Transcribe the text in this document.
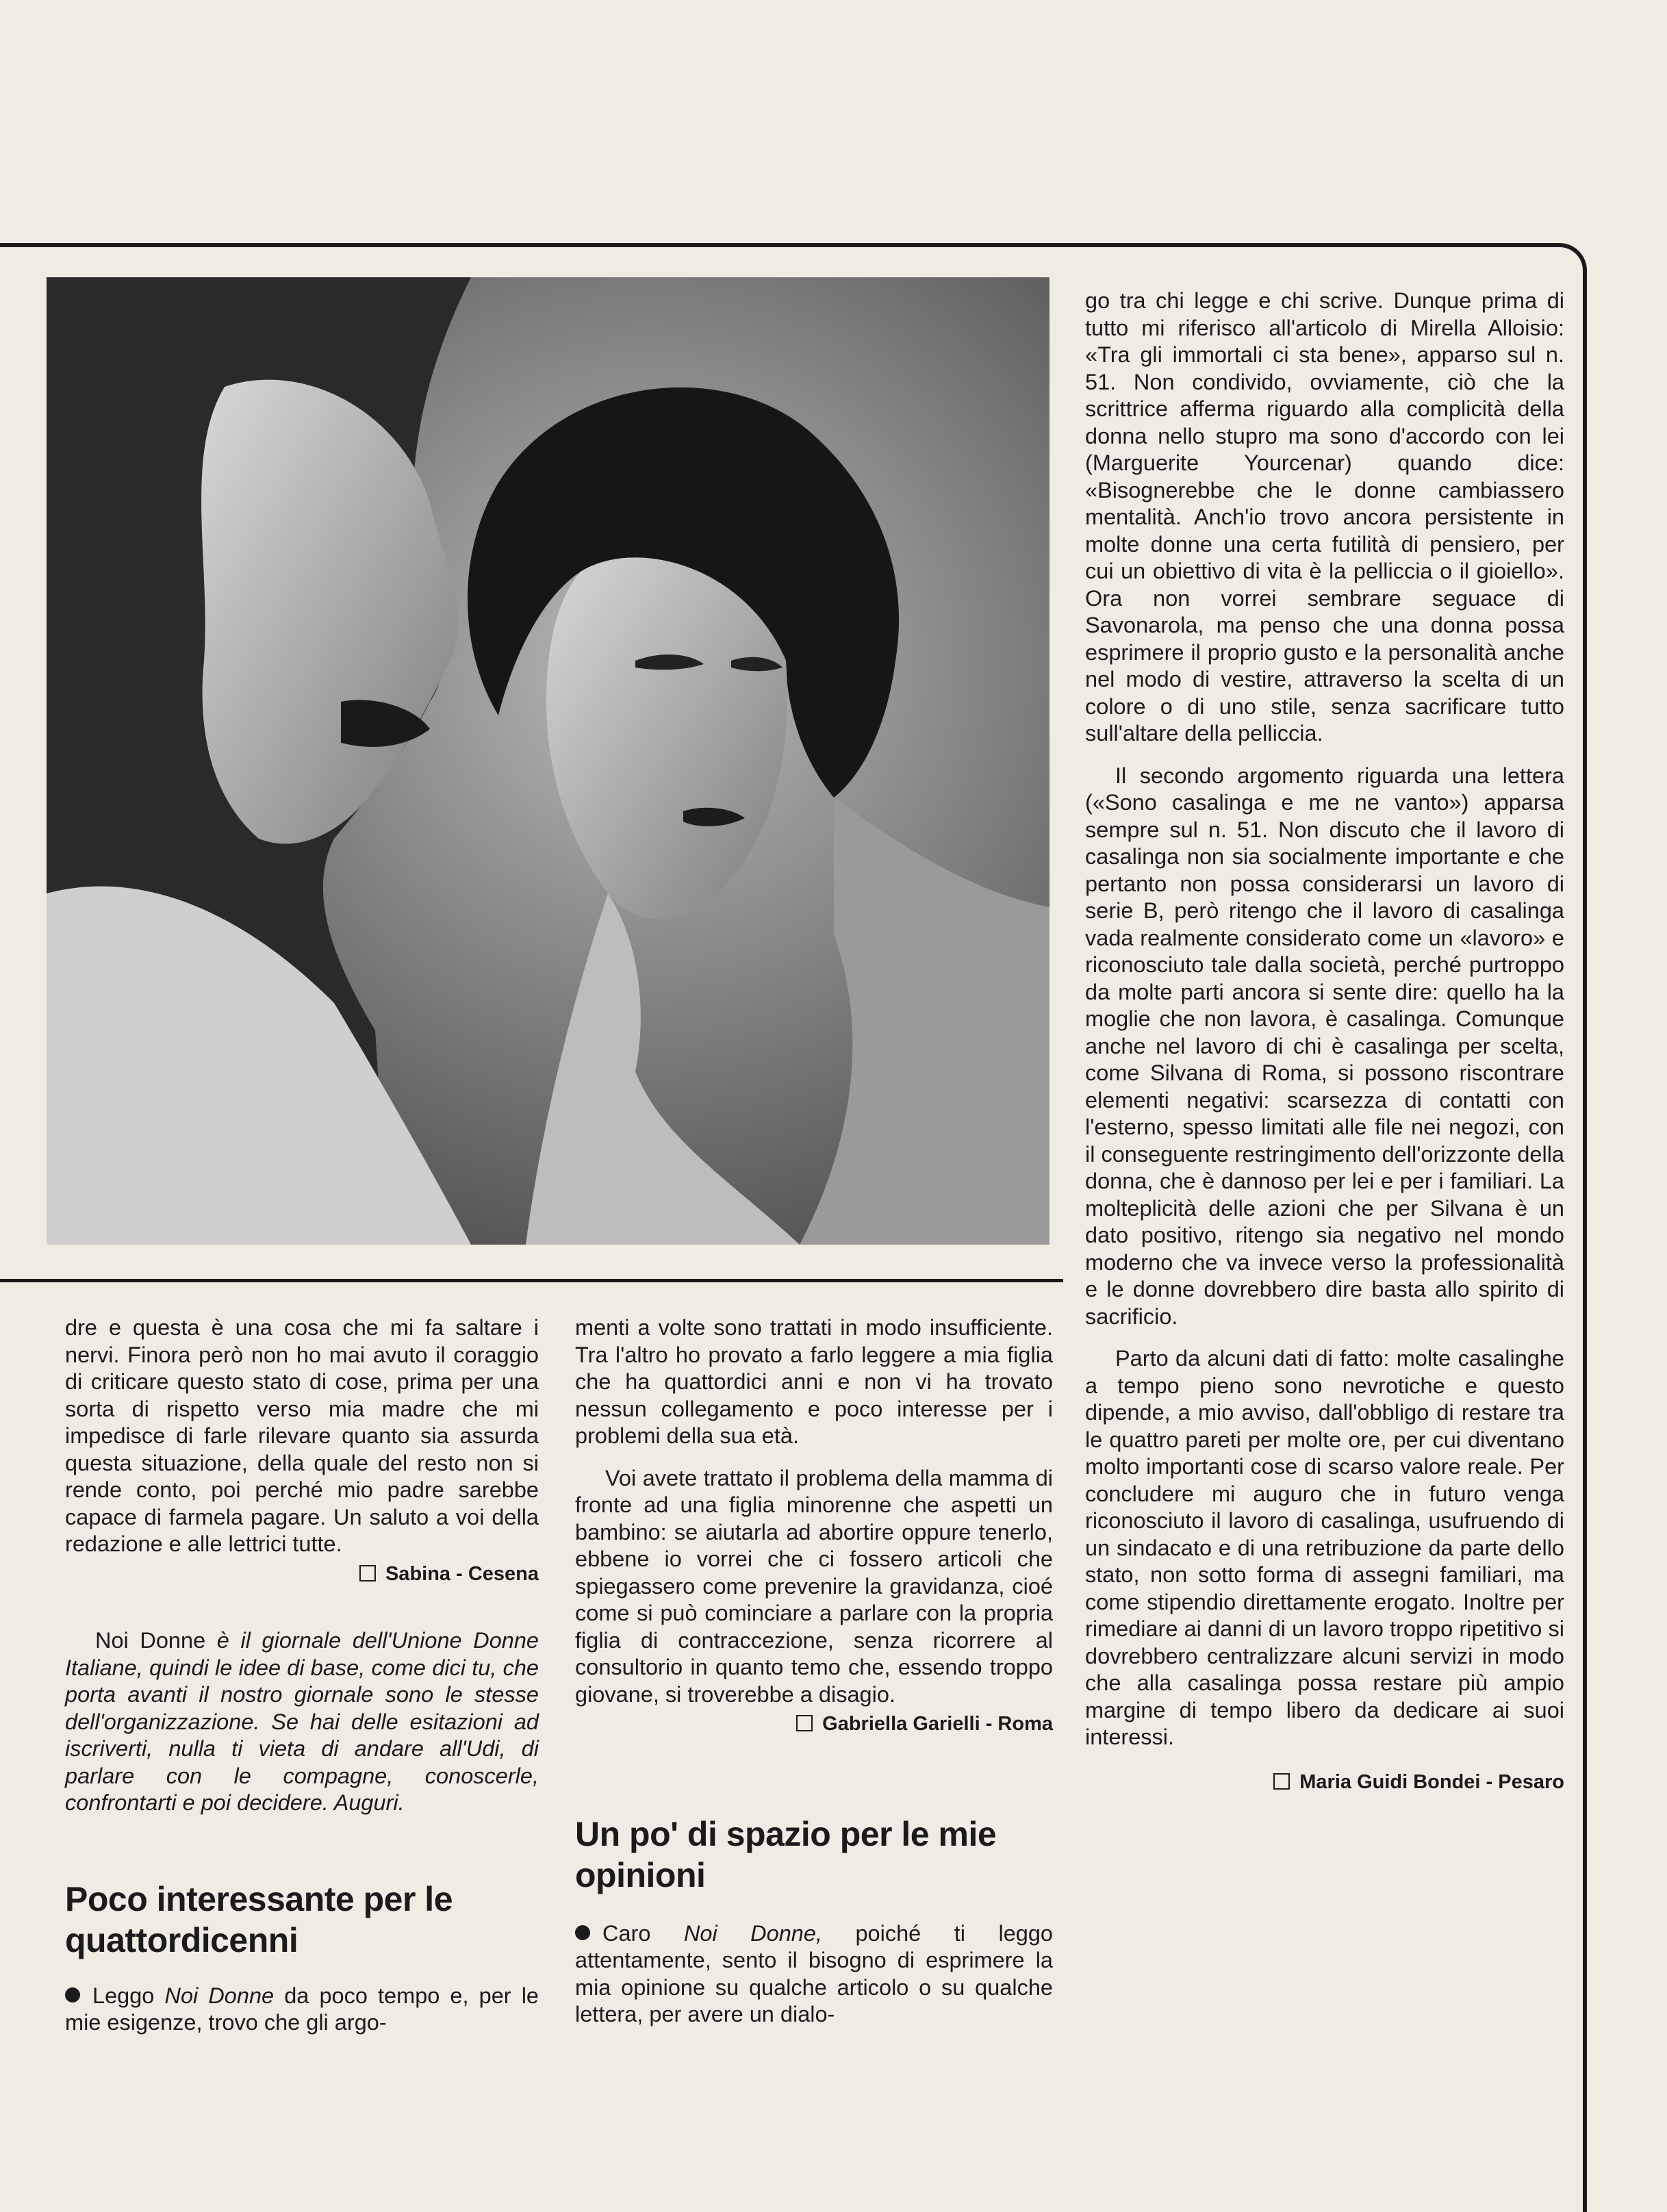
dre e questa è una cosa che mi fa saltare i nervi. Finora però non ho mai avuto il coraggio di criticare questo stato di cose, prima per una sorta di rispetto verso mia madre che mi impedisce di farle rilevare quanto sia assurda questa situazione, della quale del resto non si rende conto, poi perché mio padre sarebbe capace di farmela pagare. Un saluto a voi della redazione e alle lettrici tutte.

Sabina - Cesena

Noi Donne è il giornale dell'Unione Donne Italiane, quindi le idee di base, come dici tu, che porta avanti il nostro giornale sono le stesse dell'organizzazione. Se hai delle esitazioni ad iscriverti, nulla ti vieta di andare all'Udi, di parlare con le compagne, conoscerle, confrontarti e poi decidere. Auguri.

Poco interessante per le quattordicenni

Leggo Noi Donne da poco tempo e, per le mie esigenze, trovo che gli argo-

menti a volte sono trattati in modo insufficiente. Tra l'altro ho provato a farlo leggere a mia figlia che ha quattordici anni e non vi ha trovato nessun collegamento e poco interesse per i problemi della sua età.

Voi avete trattato il problema della mamma di fronte ad una figlia minorenne che aspetti un bambino: se aiutarla ad abortire oppure tenerlo, ebbene io vorrei che ci fossero articoli che spiegassero come prevenire la gravidanza, cioé come si può cominciare a parlare con la propria figlia di contraccezione, senza ricorrere al consultorio in quanto temo che, essendo troppo giovane, si troverebbe a disagio.

Gabriella Garielli - Roma

Un po' di spazio per le mie opinioni

Caro Noi Donne, poiché ti leggo attentamente, sento il bisogno di esprimere la mia opinione su qualche articolo o su qualche lettera, per avere un dialo-

go tra chi legge e chi scrive. Dunque prima di tutto mi riferisco all'articolo di Mirella Alloisio: «Tra gli immortali ci sta bene», apparso sul n. 51. Non condivido, ovviamente, ciò che la scrittrice afferma riguardo alla complicità della donna nello stupro ma sono d'accordo con lei (Marguerite Yourcenar) quando dice: «Bisognerebbe che le donne cambiassero mentalità. Anch'io trovo ancora persistente in molte donne una certa futilità di pensiero, per cui un obiettivo di vita è la pelliccia o il gioiello». Ora non vorrei sembrare seguace di Savonarola, ma penso che una donna possa esprimere il proprio gusto e la personalità anche nel modo di vestire, attraverso la scelta di un colore o di uno stile, senza sacrificare tutto sull'altare della pelliccia.

Il secondo argomento riguarda una lettera («Sono casalinga e me ne vanto») apparsa sempre sul n. 51. Non discuto che il lavoro di casalinga non sia socialmente importante e che pertanto non possa considerarsi un lavoro di serie B, però ritengo che il lavoro di casalinga vada realmente considerato come un «lavoro» e riconosciuto tale dalla società, perché purtroppo da molte parti ancora si sente dire: quello ha la moglie che non lavora, è casalinga. Comunque anche nel lavoro di chi è casalinga per scelta, come Silvana di Roma, si possono riscontrare elementi negativi: scarsezza di contatti con l'esterno, spesso limitati alle file nei negozi, con il conseguente restringimento dell'orizzonte della donna, che è dannoso per lei e per i familiari. La molteplicità delle azioni che per Silvana è un dato positivo, ritengo sia negativo nel mondo moderno che va invece verso la professionalità e le donne dovrebbero dire basta allo spirito di sacrificio.

Parto da alcuni dati di fatto: molte casalinghe a tempo pieno sono nevrotiche e questo dipende, a mio avviso, dall'obbligo di restare tra le quattro pareti per molte ore, per cui diventano molto importanti cose di scarso valore reale. Per concludere mi auguro che in futuro venga riconosciuto il lavoro di casalinga, usufruendo di un sindacato e di una retribuzione da parte dello stato, non sotto forma di assegni familiari, ma come stipendio direttamente erogato. Inoltre per rimediare ai danni di un lavoro troppo ripetitivo si dovrebbero centralizzare alcuni servizi in modo che alla casalinga possa restare più ampio margine di tempo libero da dedicare ai suoi interessi.

Maria Guidi Bondei - Pesaro
